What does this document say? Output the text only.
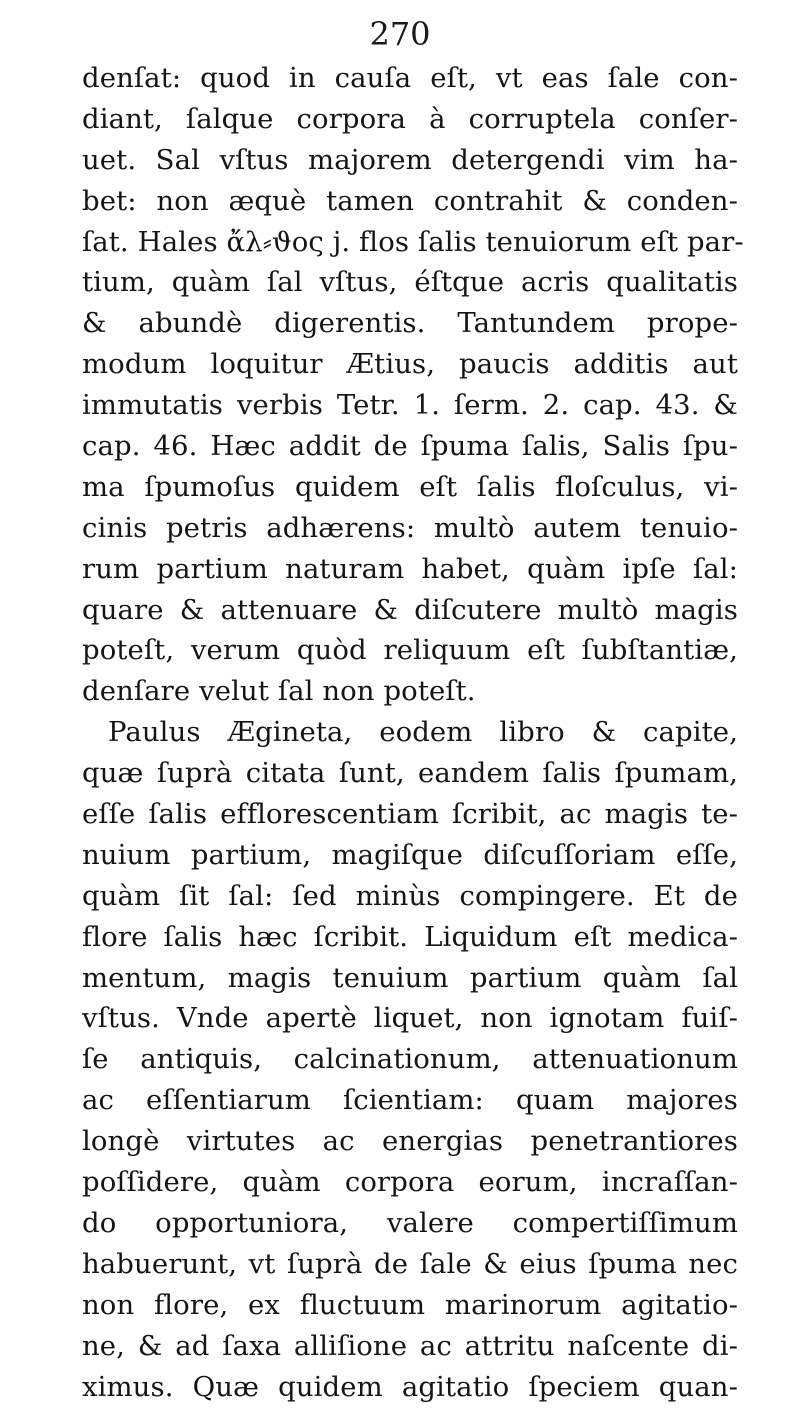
270
denſat: quod in cauſa eſt, vt eas ſale con-
diant, ſalque corpora à corruptela conſer-
uet. Sal vſtus majorem detergendi vim ha-
bet: non æquè tamen contrahit & conden-
ſat. Hales ἄλ⸗ϑος j. flos ſalis tenuiorum eſt par-
tium, quàm ſal vſtus, éſtque acris qualitatis
& abundè digerentis. Tantundem prope-
modum loquitur Ætius, paucis additis aut
immutatis verbis Tetr. 1. ſerm. 2. cap. 43. &
cap. 46. Hæc addit de ſpuma ſalis, Salis ſpu-
ma ſpumoſus quidem eſt ſalis floſculus, vi-
cinis petris adhærens: multò autem tenuio-
rum partium naturam habet, quàm ipſe ſal:
quare & attenuare & diſcutere multò magis
poteſt, verum quòd reliquum eſt ſubſtantiæ,
denſare velut ſal non poteſt.
Paulus Ægineta, eodem libro & capite,
quæ ſuprà citata ſunt, eandem ſalis ſpumam,
eſſe ſalis efflorescentiam ſcribit, ac magis te-
nuium partium, magiſque diſcuſſoriam eſſe,
quàm ſit ſal: ſed minùs compingere. Et de
flore ſalis hæc ſcribit. Liquidum eſt medica-
mentum, magis tenuium partium quàm ſal
vſtus. Vnde apertè liquet, non ignotam fuiſ-
ſe antiquis, calcinationum, attenuationum
ac eſſentiarum ſcientiam: quam majores
longè virtutes ac energias penetrantiores
poſſidere, quàm corpora eorum, incraſſan-
do opportuniora, valere compertiſſimum
habuerunt, vt ſuprà de ſale & eius ſpuma nec
non flore, ex fluctuum marinorum agitatio-
ne, & ad ſaxa alliſione ac attritu naſcente di-
ximus. Quæ quidem agitatio ſpeciem quan-
